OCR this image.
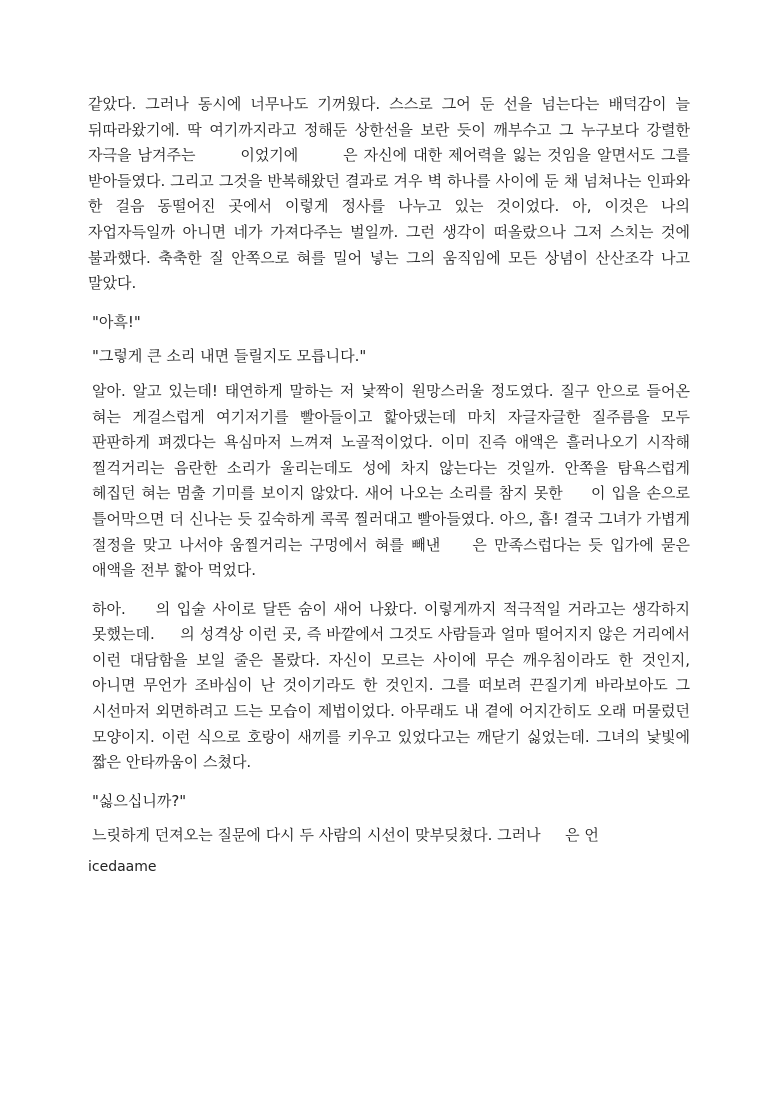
같았다. 그러나 동시에 너무나도 기꺼웠다. 스스로 그어 둔 선을 넘는다는 배덕감이 늘 뒤따라왔기에. 딱 여기까지라고 정해둔 상한선을 보란 듯이 깨부수고 그 누구보다 강렬한 자극을 남겨주는 　　 이었기에 　　 은 자신에 대한 제어력을 잃는 것임을 알면서도 그를 받아들였다. 그리고 그것을 반복해왔던 결과로 겨우 벽 하나를 사이에 둔 채 넘쳐나는 인파와 한 걸음 동떨어진 곳에서 이렇게 정사를 나누고 있는 것이었다. 아, 이것은 나의 자업자득일까 아니면 네가 가져다주는 벌일까. 그런 생각이 떠올랐으나 그저 스치는 것에 불과했다. 축축한 질 안쪽으로 혀를 밀어 넣는 그의 움직임에 모든 상념이 산산조각 나고 말았다.

"아흑!"

"그렇게 큰 소리 내면 들릴지도 모릅니다."

알아. 알고 있는데! 태연하게 말하는 저 낯짝이 원망스러울 정도였다. 질구 안으로 들어온 혀는 게걸스럽게 여기저기를 빨아들이고 핥아댔는데 마치 자글자글한 질주름을 모두 판판하게 펴겠다는 욕심마저 느껴져 노골적이었다. 이미 진즉 애액은 흘러나오기 시작해 찔걱거리는 음란한 소리가 울리는데도 성에 차지 않는다는 것일까. 안쪽을 탐욕스럽게 헤집던 혀는 멈출 기미를 보이지 않았다. 새어 나오는 소리를 참지 못한 　 이 입을 손으로 틀어막으면 더 신나는 듯 깊숙하게 콕콕 찔러대고 빨아들였다. 아으, 흡! 결국 그녀가 가볍게 절정을 맞고 나서야 움찔거리는 구멍에서 혀를 빼낸 　 은 만족스럽다는 듯 입가에 묻은 애액을 전부 핥아 먹었다.

하아. 　 의 입술 사이로 달뜬 숨이 새어 나왔다. 이렇게까지 적극적일 거라고는 생각하지 못했는데. 　 의 성격상 이런 곳, 즉 바깥에서 그것도 사람들과 얼마 떨어지지 않은 거리에서 이런 대담함을 보일 줄은 몰랐다. 자신이 모르는 사이에 무슨 깨우침이라도 한 것인지, 아니면 무언가 조바심이 난 것이기라도 한 것인지. 그를 떠보려 끈질기게 바라보아도 그 시선마저 외면하려고 드는 모습이 제법이었다. 아무래도 내 곁에 어지간히도 오래 머물렀던 모양이지. 이런 식으로 호랑이 새끼를 키우고 있었다고는 깨닫기 싫었는데. 그녀의 낯빛에 짧은 안타까움이 스쳤다.

"싫으십니까?"

느릿하게 던져오는 질문에 다시 두 사람의 시선이 맞부딪쳤다. 그러나 　 은 언

icedaame
